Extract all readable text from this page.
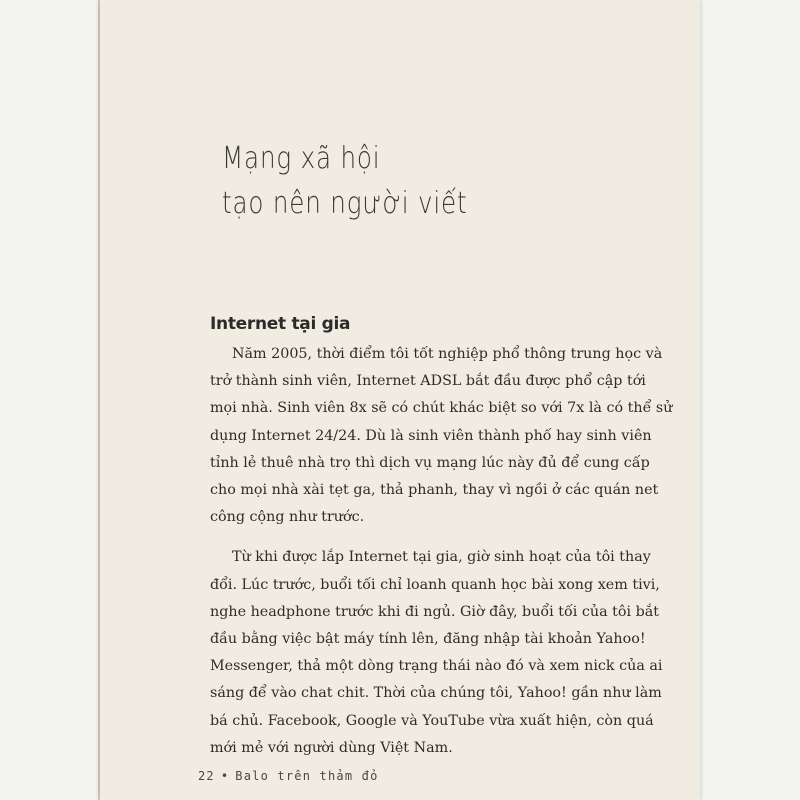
Mạng xã hội
tạo nên người viết
Internet tại gia

Năm 2005, thời điểm tôi tốt nghiệp phổ thông trung học và

trở thành sinh viên, Internet ADSL bắt đầu được phổ cập tới

mọi nhà. Sinh viên 8x sẽ có chút khác biệt so với 7x là có thể sử

dụng Internet 24/24. Dù là sinh viên thành phố hay sinh viên

tỉnh lẻ thuê nhà trọ thì dịch vụ mạng lúc này đủ để cung cấp

cho mọi nhà xài tẹt ga, thả phanh, thay vì ngồi ở các quán net

công cộng như trước.

Từ khi được lắp Internet tại gia, giờ sinh hoạt của tôi thay

đổi. Lúc trước, buổi tối chỉ loanh quanh học bài xong xem tivi,

nghe headphone trước khi đi ngủ. Giờ đây, buổi tối của tôi bắt

đầu bằng việc bật máy tính lên, đăng nhập tài khoản Yahoo!

Messenger, thả một dòng trạng thái nào đó và xem nick của ai

sáng để vào chat chit. Thời của chúng tôi, Yahoo! gần như làm

bá chủ. Facebook, Google và YouTube vừa xuất hiện, còn quá

mới mẻ với người dùng Việt Nam.

22 • Balo trên thảm đỏ
